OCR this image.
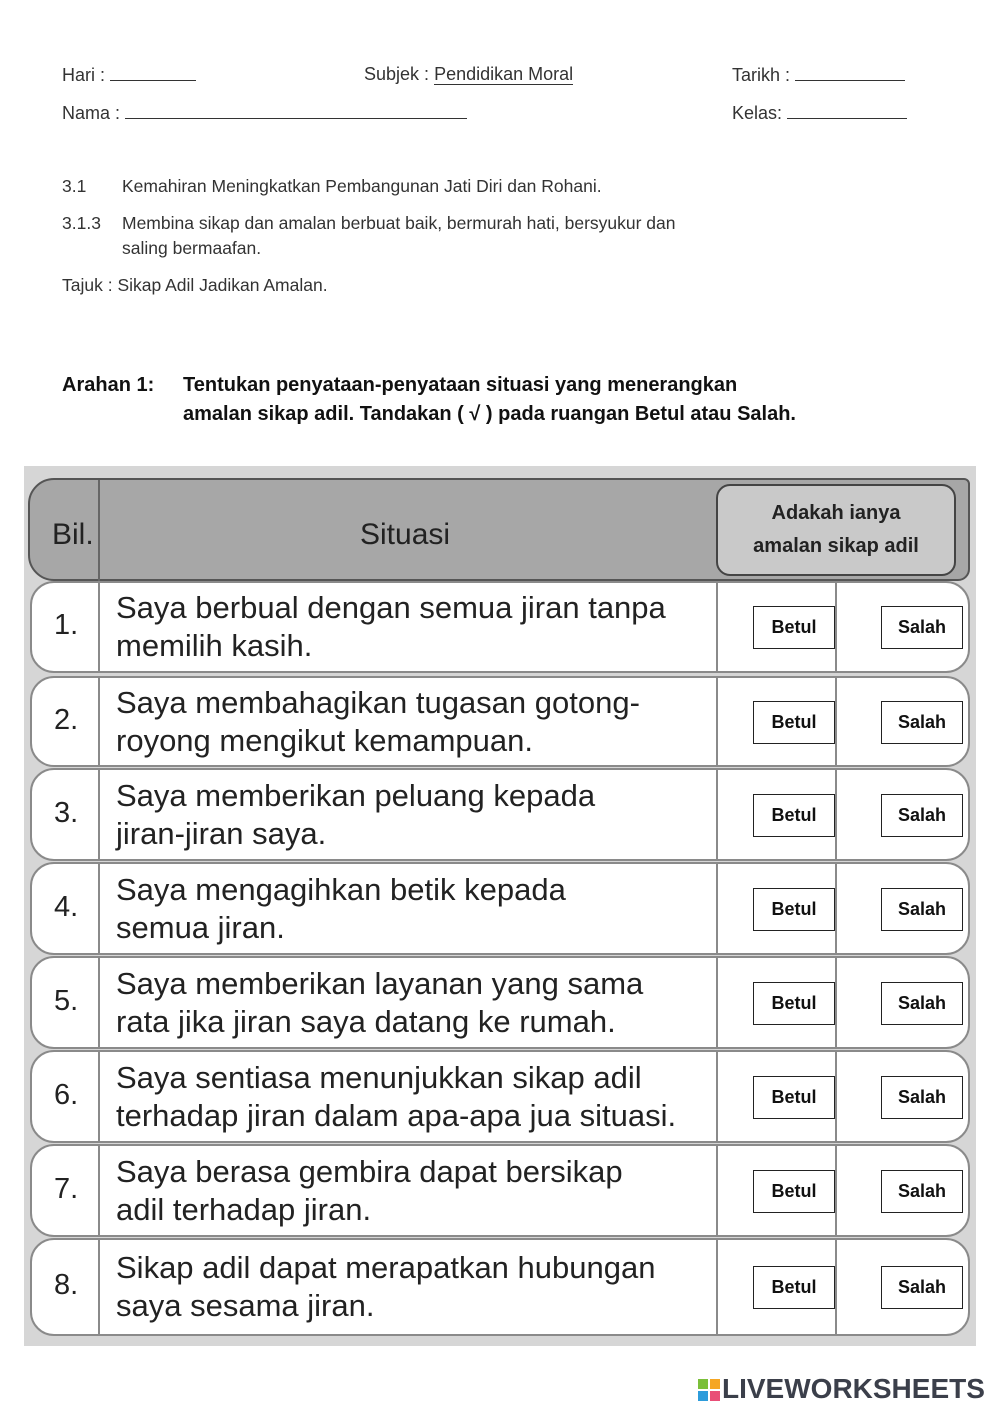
Hari :	Subjek : Pendidikan Moral	Tarikh :
Nama :	Kelas:
3.1 Kemahiran Meningkatkan Pembangunan Jati Diri dan Rohani.
3.1.3 Membina sikap dan amalan berbuat baik, bermurah hati, bersyukur dan
saling bermaafan.
Tajuk : Sikap Adil Jadikan Amalan.
Arahan 1: Tentukan penyataan-penyataan situasi yang menerangkan
amalan sikap adil. Tandakan ( √ ) pada ruangan Betul atau Salah.
Bil.	Situasi
Adakah ianya
amalan sikap adil
1. Saya berbual dengan semua jiran tanpa
memilih kasih.
Betul	Salah
2. Saya membahagikan tugasan gotong-
royong mengikut kemampuan.
Betul	Salah
3. Saya memberikan peluang kepada
jiran-jiran saya.
Betul	Salah
4. Saya mengagihkan betik kepada
semua jiran.
Betul	Salah
5. Saya memberikan layanan yang sama
rata jika jiran saya datang ke rumah.
Betul	Salah
6. Saya sentiasa menunjukkan sikap adil
terhadap jiran dalam apa-apa jua situasi.
Betul	Salah
7. Saya berasa gembira dapat bersikap
adil terhadap jiran.
Betul	Salah
8. Sikap adil dapat merapatkan hubungan
saya sesama jiran.
Betul	Salah
LIVEWORKSHEETS
